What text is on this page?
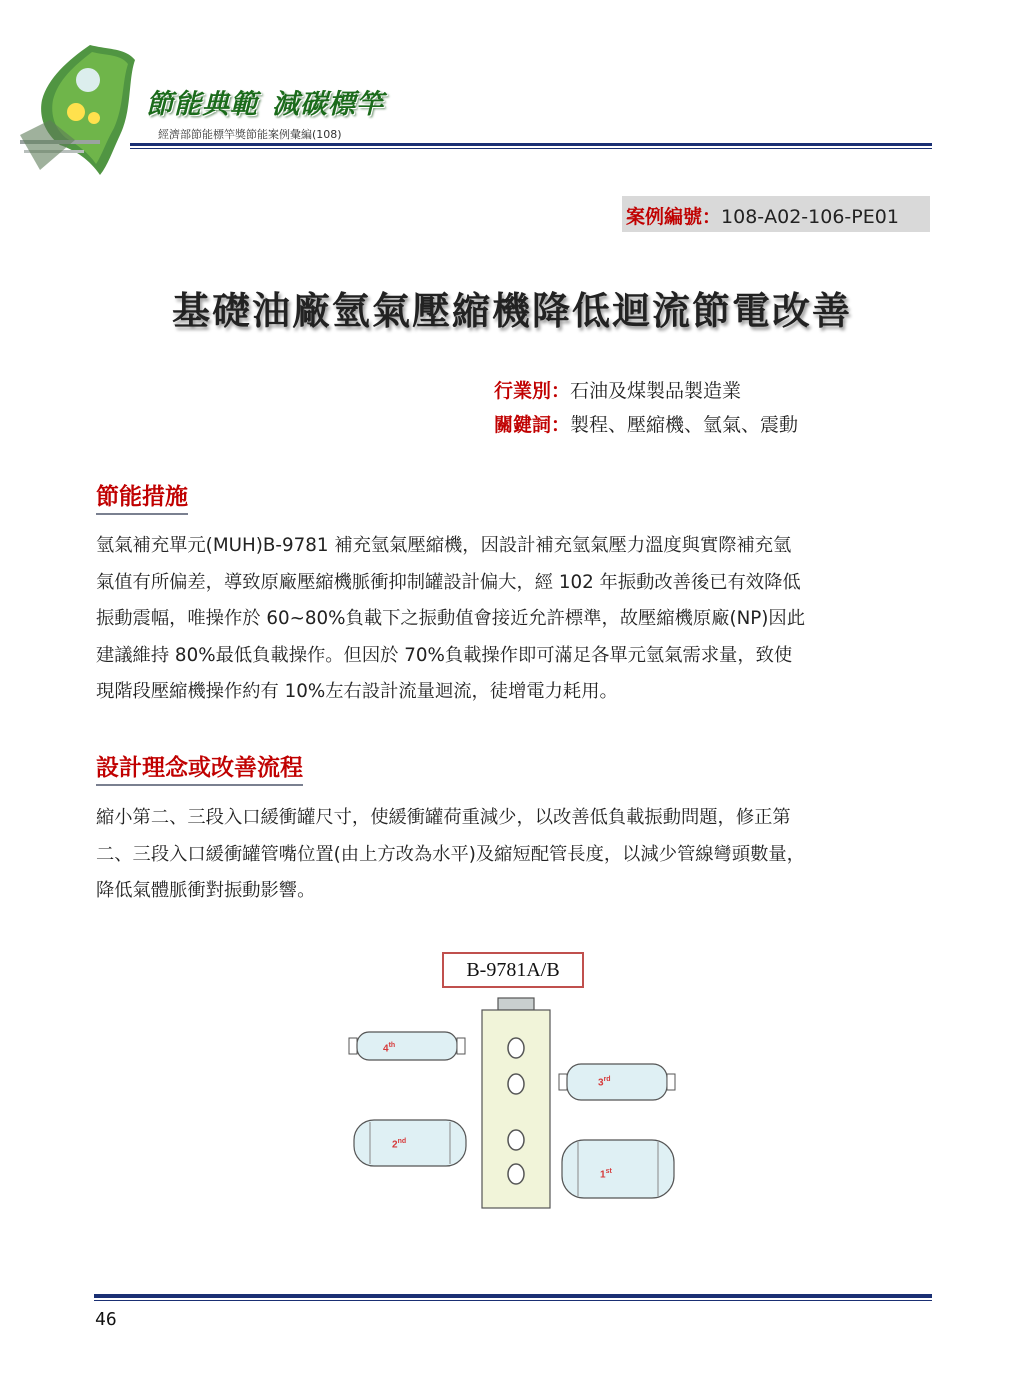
節能典範 減碳標竿
經濟部節能標竿獎節能案例彙編(108)
案例編號：108-A02-106-PE01
基礎油廠氫氣壓縮機降低迴流節電改善
行業別：石油及煤製品製造業
關鍵詞：製程、壓縮機、氫氣、震動
節能措施
氫氣補充單元(MUH)B-9781 補充氫氣壓縮機，因設計補充氫氣壓力溫度與實際補充氫
氣值有所偏差，導致原廠壓縮機脈衝抑制罐設計偏大，經 102 年振動改善後已有效降低
振動震幅，唯操作於 60~80%負載下之振動值會接近允許標準，故壓縮機原廠(NP)因此
建議維持 80%最低負載操作。但因於 70%負載操作即可滿足各單元氫氣需求量，致使
現階段壓縮機操作約有 10%左右設計流量迴流，徒增電力耗用。
設計理念或改善流程
縮小第二、三段入口緩衝罐尺寸，使緩衝罐荷重減少，以改善低負載振動問題，修正第
二、三段入口緩衝罐管嘴位置(由上方改為水平)及縮短配管長度，以減少管線彎頭數量，
降低氣體脈衝對振動影響。
B-9781A/B
4th
3rd
2nd
1st
46
